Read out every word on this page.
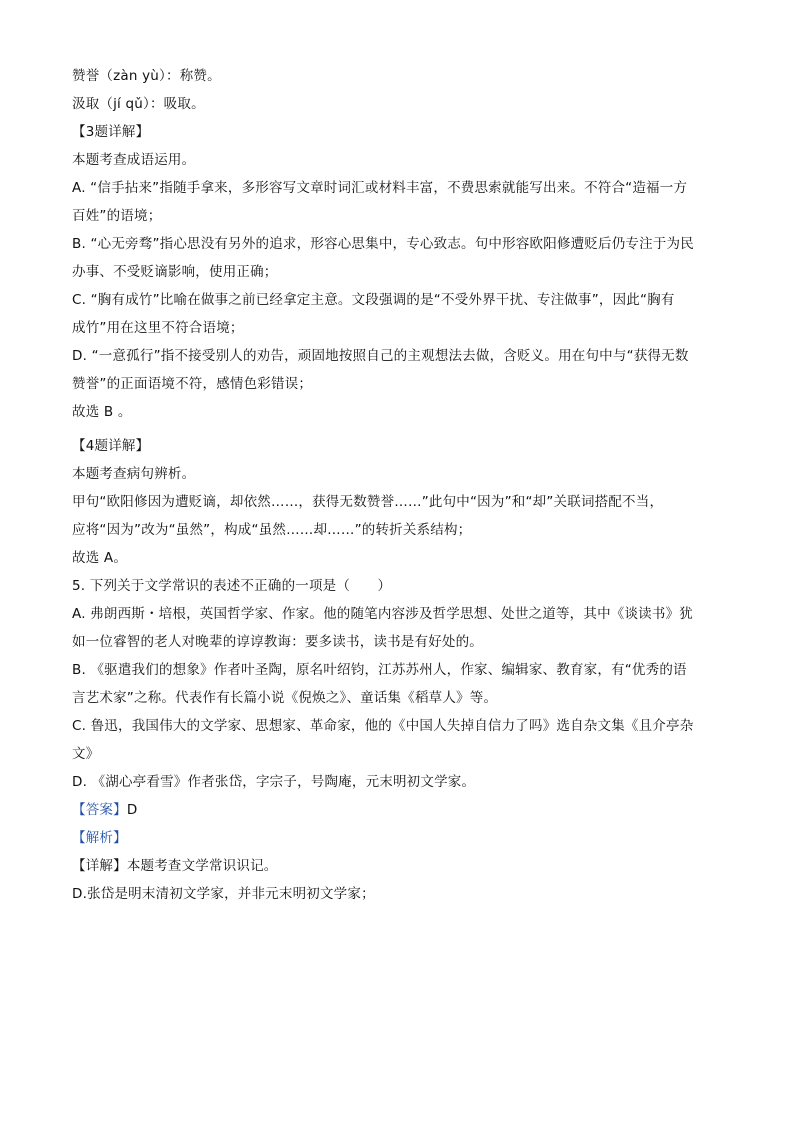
赞誉（zàn yù）：称赞。
汲取（jí qǔ）：吸取。
【3题详解】
本题考查成语运用。
A. “信手拈来”指随手拿来，多形容写文章时词汇或材料丰富，不费思索就能写出来。不符合“造福一方
百姓”的语境；
B. “心无旁骛”指心思没有另外的追求，形容心思集中，专心致志。句中形容欧阳修遭贬后仍专注于为民
办事、不受贬谪影响，使用正确；
C. “胸有成竹”比喻在做事之前已经拿定主意。文段强调的是“不受外界干扰、专注做事”，因此“胸有
成竹”用在这里不符合语境；
D. “一意孤行”指不接受别人的劝告，顽固地按照自己的主观想法去做，含贬义。用在句中与“获得无数
赞誉”的正面语境不符，感情色彩错误；
故选 B 。
【4题详解】
本题考查病句辨析。
甲句“欧阳修因为遭贬谪，却依然……，获得无数赞誉……”此句中“因为”和“却”关联词搭配不当，
应将“因为”改为“虽然”，构成“虽然……却……”的转折关系结构；
故选 A。
5. 下列关于文学常识的表述不正确的一项是（　　）
A. 弗朗西斯・培根，英国哲学家、作家。他的随笔内容涉及哲学思想、处世之道等，其中《谈读书》犹
如一位睿智的老人对晚辈的谆谆教诲：要多读书，读书是有好处的。
B. 《驱遣我们的想象》作者叶圣陶，原名叶绍钧，江苏苏州人，作家、编辑家、教育家，有“优秀的语
言艺术家”之称。代表作有长篇小说《倪焕之》、童话集《稻草人》等。
C. 鲁迅，我国伟大的文学家、思想家、革命家，他的《中国人失掉自信力了吗》选自杂文集《且介亭杂
文》
D. 《湖心亭看雪》作者张岱，字宗子，号陶庵，元末明初文学家。
【答案】D
【解析】
【详解】本题考查文学常识识记。
D.张岱是明末清初文学家，并非元末明初文学家；
